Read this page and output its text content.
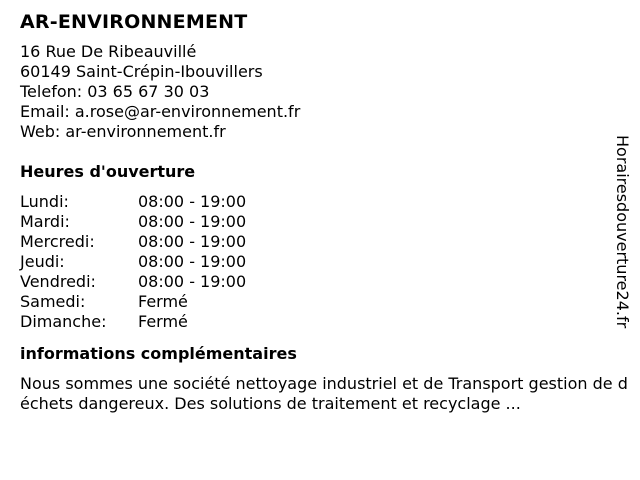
AR-ENVIRONNEMENT
16 Rue De Ribeauvillé
60149 Saint-Crépin-Ibouvillers
Telefon: 03 65 67 30 03
Email: a.rose@ar-environnement.fr
Web: ar-environnement.fr
Heures d'ouverture
Lundi:	08:00 - 19:00
Mardi:	08:00 - 19:00
Mercredi:	08:00 - 19:00
Jeudi:	08:00 - 19:00
Vendredi:	08:00 - 19:00
Samedi:	Fermé
Dimanche:	Fermé
informations complémentaires
Nous sommes une société nettoyage industriel et de Transport gestion de déchets dangereux. Des solutions de traitement et recyclage ...
Horairesdouverture24.fr
